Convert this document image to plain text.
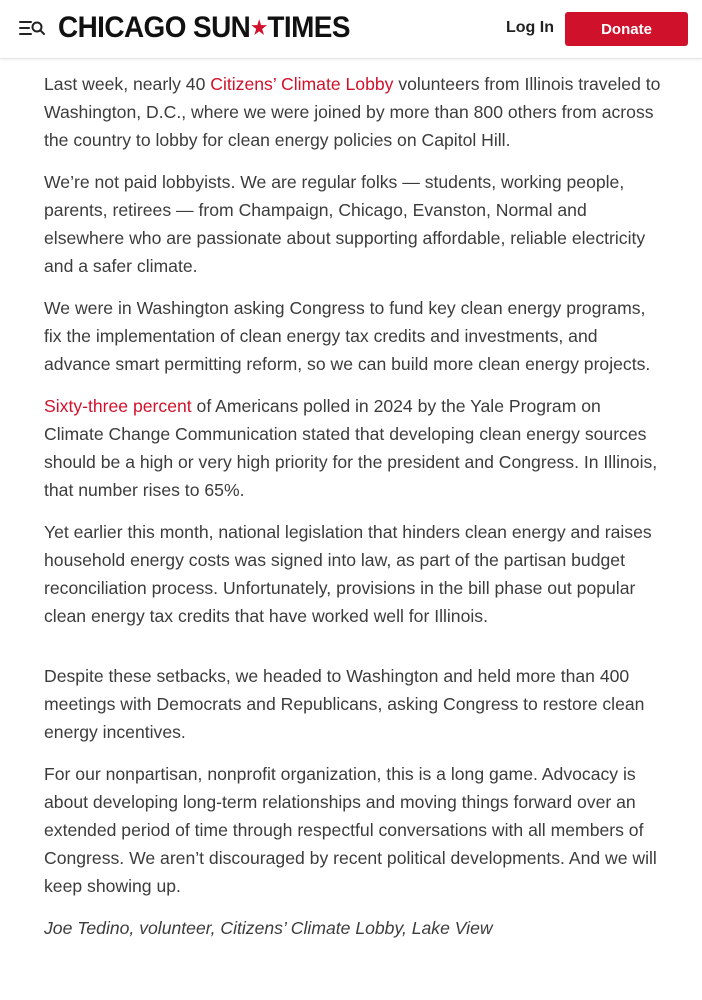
CHICAGO SUN★TIMES	Log In	Donate

Last week, nearly 40 Citizens’ Climate Lobby volunteers from Illinois traveled to Washington, D.C., where we were joined by more than 800 others from across the country to lobby for clean energy policies on Capitol Hill.

We’re not paid lobbyists. We are regular folks — students, working people, parents, retirees — from Champaign, Chicago, Evanston, Normal and elsewhere who are passionate about supporting affordable, reliable electricity and a safer climate.

We were in Washington asking Congress to fund key clean energy programs, fix the implementation of clean energy tax credits and investments, and advance smart permitting reform, so we can build more clean energy projects.

Sixty-three percent of Americans polled in 2024 by the Yale Program on Climate Change Communication stated that developing clean energy sources should be a high or very high priority for the president and Congress. In Illinois, that number rises to 65%.

Yet earlier this month, national legislation that hinders clean energy and raises household energy costs was signed into law, as part of the partisan budget reconciliation process. Unfortunately, provisions in the bill phase out popular clean energy tax credits that have worked well for Illinois.

Despite these setbacks, we headed to Washington and held more than 400 meetings with Democrats and Republicans, asking Congress to restore clean energy incentives.

For our nonpartisan, nonprofit organization, this is a long game. Advocacy is about developing long-term relationships and moving things forward over an extended period of time through respectful conversations with all members of Congress. We aren’t discouraged by recent political developments. And we will keep showing up.

Joe Tedino, volunteer, Citizens’ Climate Lobby, Lake View
